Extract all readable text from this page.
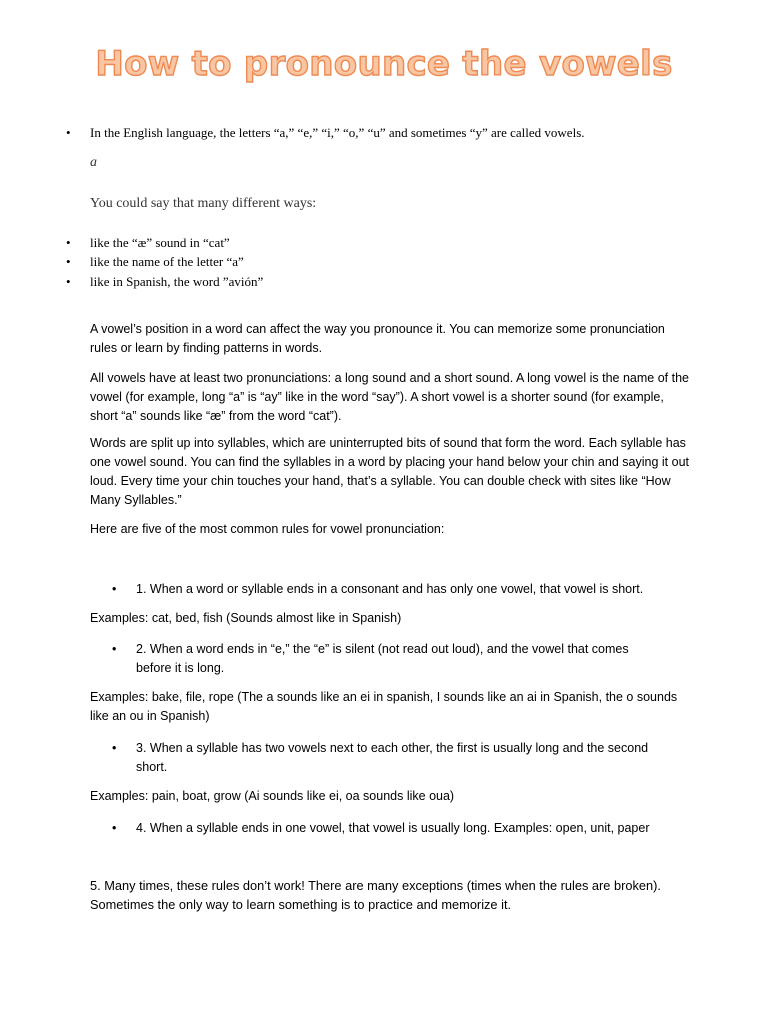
How to pronounce the vowels
• In the English language, the letters “a,” “e,” “i,” “o,” “u” and sometimes “y” are called vowels.
a
You could say that many different ways:
• like the “æ” sound in “cat”
• like the name of the letter “a”
• like in Spanish, the word ”avión”
A vowel’s position in a word can affect the way you pronounce it. You can memorize some pronunciation rules or learn by finding patterns in words.
All vowels have at least two pronunciations: a long sound and a short sound. A long vowel is the name of the vowel (for example, long “a” is “ay” like in the word “say”). A short vowel is a shorter sound (for example, short “a” sounds like “æ” from the word “cat”).
Words are split up into syllables, which are uninterrupted bits of sound that form the word. Each syllable has one vowel sound. You can find the syllables in a word by placing your hand below your chin and saying it out loud. Every time your chin touches your hand, that’s a syllable. You can double check with sites like “How Many Syllables.”
Here are five of the most common rules for vowel pronunciation:
• 1. When a word or syllable ends in a consonant and has only one vowel, that vowel is short.
Examples: cat, bed, fish (Sounds almost like in Spanish)
• 2. When a word ends in “e,” the “e” is silent (not read out loud), and the vowel that comes before it is long.
Examples: bake, file, rope (The a sounds like an ei in spanish, I sounds like an ai in Spanish, the o sounds like an ou in Spanish)
• 3. When a syllable has two vowels next to each other, the first is usually long and the second short.
Examples: pain, boat, grow (Ai sounds like ei, oa sounds like oua)
• 4. When a syllable ends in one vowel, that vowel is usually long. Examples: open, unit, paper
5. Many times, these rules don’t work! There are many exceptions (times when the rules are broken). Sometimes the only way to learn something is to practice and memorize it.
